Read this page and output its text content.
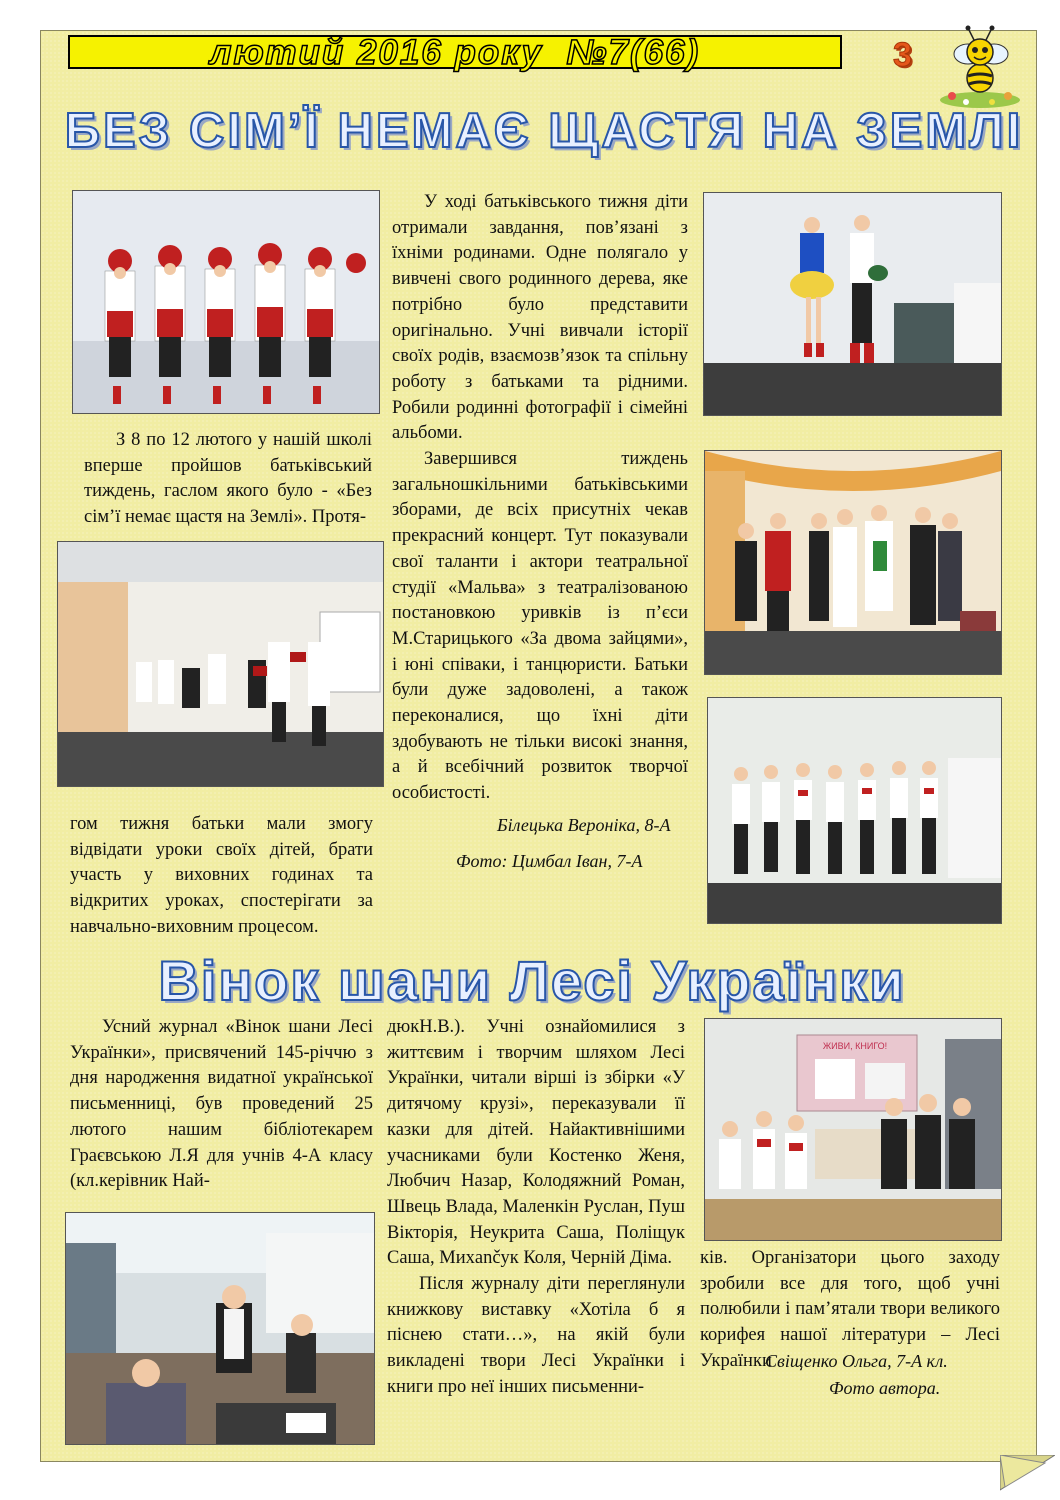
лютий 2016 року  №7(66)	3
БЕЗ СІМ’Ї НЕМАЄ ЩАСТЯ НА ЗЕМЛІ

З 8 по 12 лютого у нашій школі вперше пройшов батьківський тиждень, гаслом якого було - «Без сім’ї немає щастя на Землі». Протя-

гом тижня батьки мали змогу відвідати уроки своїх дітей, брати участь у виховних годинах та відкритих уроках, спостерігати за навчально-виховним процесом.

У ході батьківського тижня діти отримали завдання, пов’язані з їхніми родинами. Одне полягало у вивчені свого родинного дерева, яке потрібно було представити оригінально. Учні вивчали історії своїх родів, взаємозв’язок та спільну роботу з батьками та рідними. Робили родинні фотографії і сімейні альбоми.

Завершився тиждень загальношкільними батьківськими зборами, де всіх присутніх чекав прекрасний концерт. Тут показували свої таланти і актори театральної студії «Мальва» з театралізованою постановкою уривків із п’єси М.Старицького «За двома зайцями», і юні співаки, і танцюристи. Батьки були дуже задоволені, а також переконалися, що їхні діти здобувають не тільки високі знання, а й всебічний розвиток творчої особистості.

Білецька Вероніка, 8-А
Фото: Цимбал Іван, 7-А
Вінок шани Лесі Українки

Усний журнал «Вінок шани Лесі Українки», присвячений 145-річчю з дня народження видатної української письменниці, був проведений 25 лютого нашим бібліотекарем Граєвською Л.Я для учнів 4-А класу (кл.керівник Най-

дюкН.В.). Учні ознайомилися з життєвим і творчим шляхом Лесі Українки, читали вірші із збірки «У дитячому крузі», переказували її казки для дітей. Найактивнішими учасниками були Костенко Женя, Любчич Назар, Колодяжний Роман, Швець Влада, Маленкін Руслан, Пуш Вікторія, Неукрита Саша, Поліщук Саша, Михančук Коля, Черній Діма.

Після журналу діти переглянули книжкову виставку «Хотіла б я піснею стати…», на якій були викладені твори Лесі Українки і книги про неї інших письменни-

ЖИВИ, КНИГО!

ків. Організатори цього заходу зробили все для того, щоб учні полюбили і пам’ятали твори великого корифея нашої літератури – Лесі Українки

Свіщенко Ольга, 7-А кл.
Фото автора.
